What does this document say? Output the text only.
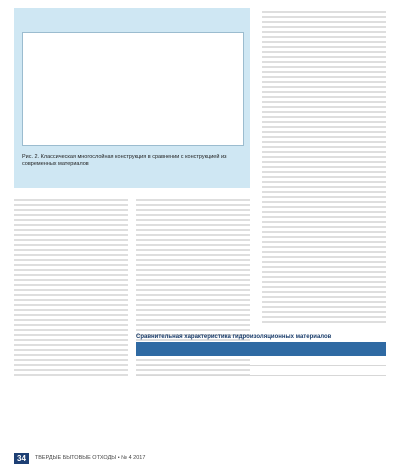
Рис. 2. Классическая многослойная конструкция в сравнении с конструкцией из современных материалов
Сравнительная характеристика гидроизоляционных материалов
34	ТВЕРДЫЕ БЫТОВЫЕ ОТХОДЫ • № 4 2017
